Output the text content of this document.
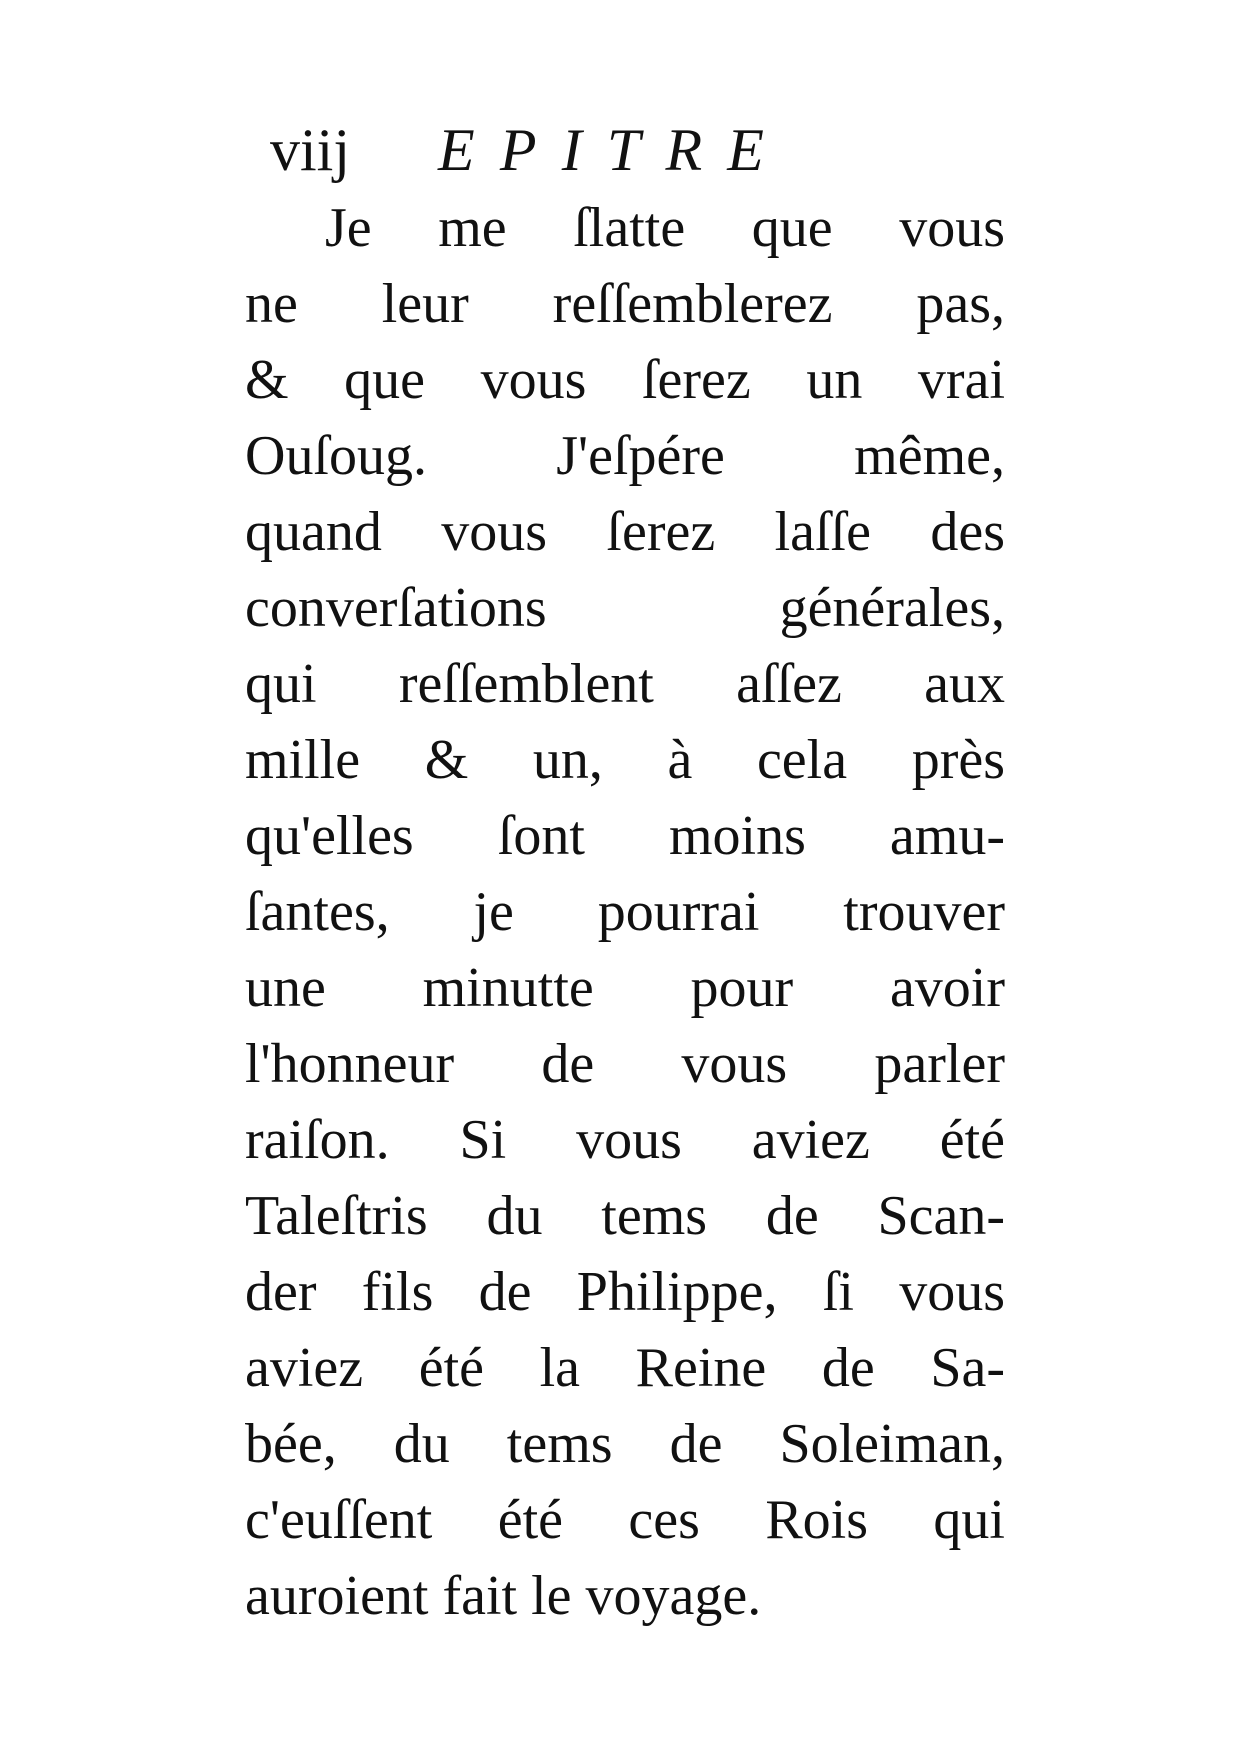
viij EPITRE
Je me ſlatte que vous
ne leur reſſemblerez pas,
& que vous ſerez un vrai
Ouſoug. J'eſpére même,
quand vous ſerez laſſe des
converſations générales,
qui reſſemblent aſſez aux
mille & un, à cela près
qu'elles ſont moins amu-
ſantes, je pourrai trouver
une minutte pour avoir
l'honneur de vous parler
raiſon. Si vous aviez été
Taleſtris du tems de Scan-
der fils de Philippe, ſi vous
aviez été la Reine de Sa-
bée, du tems de Soleiman,
c'euſſent été ces Rois qui
auroient fait le voyage.
